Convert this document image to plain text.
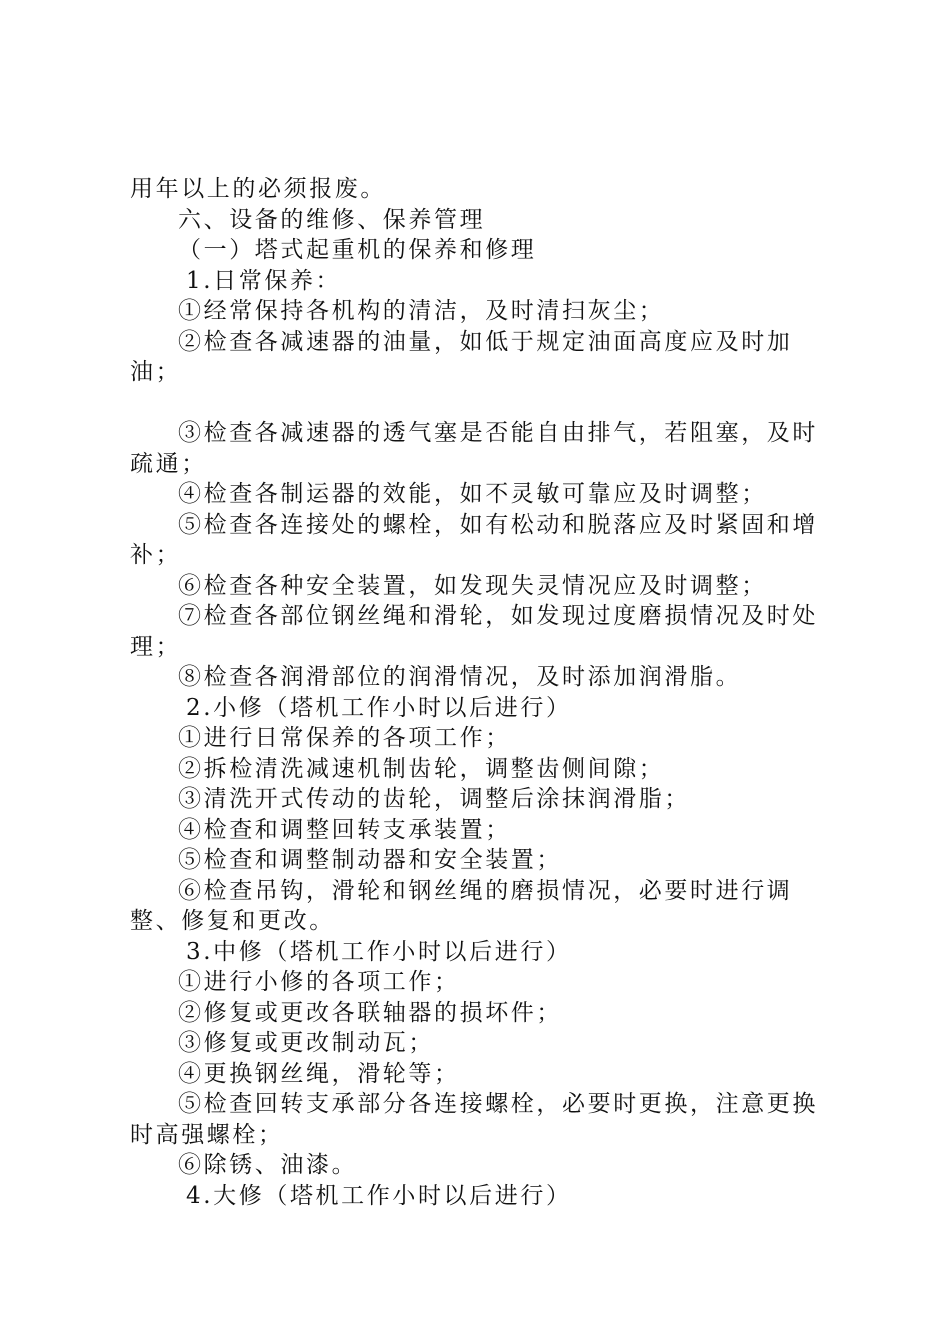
用年以上的必须报废。

六、设备的维修、保养管理

（一）塔式起重机的保养和修理

1.日常保养：

①经常保持各机构的清洁，及时清扫灰尘；

②检查各减速器的油量，如低于规定油面高度应及时加油；

③检查各减速器的透气塞是否能自由排气，若阻塞，及时疏通；

④检查各制运器的效能，如不灵敏可靠应及时调整；

⑤检查各连接处的螺栓，如有松动和脱落应及时紧固和增补；

⑥检查各种安全装置，如发现失灵情况应及时调整；

⑦检查各部位钢丝绳和滑轮，如发现过度磨损情况及时处理；

⑧检查各润滑部位的润滑情况，及时添加润滑脂。

2.小修（塔机工作小时以后进行）

①进行日常保养的各项工作；

②拆检清洗减速机制齿轮，调整齿侧间隙；

③清洗开式传动的齿轮，调整后涂抹润滑脂；

④检查和调整回转支承装置；

⑤检查和调整制动器和安全装置；

⑥检查吊钩，滑轮和钢丝绳的磨损情况，必要时进行调整、修复和更改。

3.中修（塔机工作小时以后进行）

①进行小修的各项工作；

②修复或更改各联轴器的损坏件；

③修复或更改制动瓦；

④更换钢丝绳，滑轮等；

⑤检查回转支承部分各连接螺栓，必要时更换，注意更换时高强螺栓；

⑥除锈、油漆。

4.大修（塔机工作小时以后进行）
